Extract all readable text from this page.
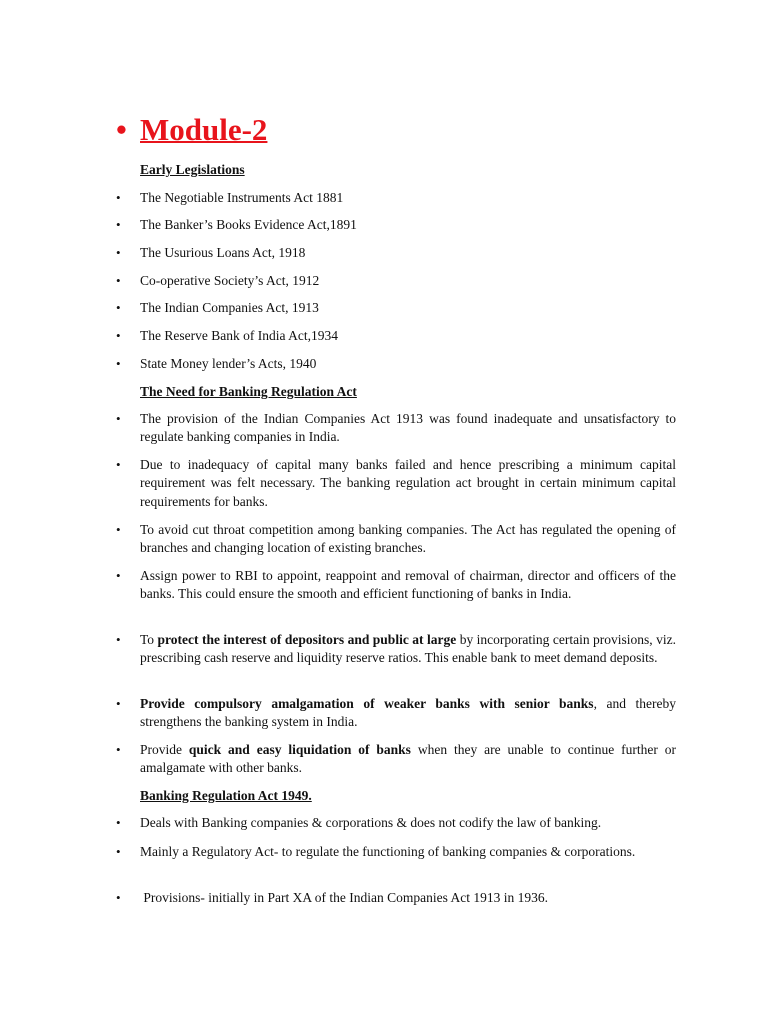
• Module-2
Early Legislations
• The Negotiable Instruments Act 1881
• The Banker’s Books Evidence Act,1891
• The Usurious Loans Act, 1918
• Co-operative Society’s Act, 1912
• The Indian Companies Act, 1913
• The Reserve Bank of India Act,1934
• State Money lender’s Acts, 1940
The Need for Banking Regulation Act
• The provision of the Indian Companies Act 1913 was found inadequate and unsatisfactory to regulate banking companies in India.
• Due to inadequacy of capital many banks failed and hence prescribing a minimum capital requirement was felt necessary. The banking regulation act brought in certain minimum capital requirements for banks.
• To avoid cut throat competition among banking companies. The Act has regulated the opening of branches and changing location of existing branches.
• Assign power to RBI to appoint, reappoint and removal of chairman, director and officers of the banks. This could ensure the smooth and efficient functioning of banks in India.
• To protect the interest of depositors and public at large by incorporating certain provisions, viz. prescribing cash reserve and liquidity reserve ratios. This enable bank to meet demand deposits.
• Provide compulsory amalgamation of weaker banks with senior banks, and thereby strengthens the banking system in India.
• Provide quick and easy liquidation of banks when they are unable to continue further or amalgamate with other banks.
Banking Regulation Act 1949.
• Deals with Banking companies & corporations & does not codify the law of banking.
• Mainly a Regulatory Act- to regulate the functioning of banking companies & corporations.
• Provisions- initially in Part XA of the Indian Companies Act 1913 in 1936.
